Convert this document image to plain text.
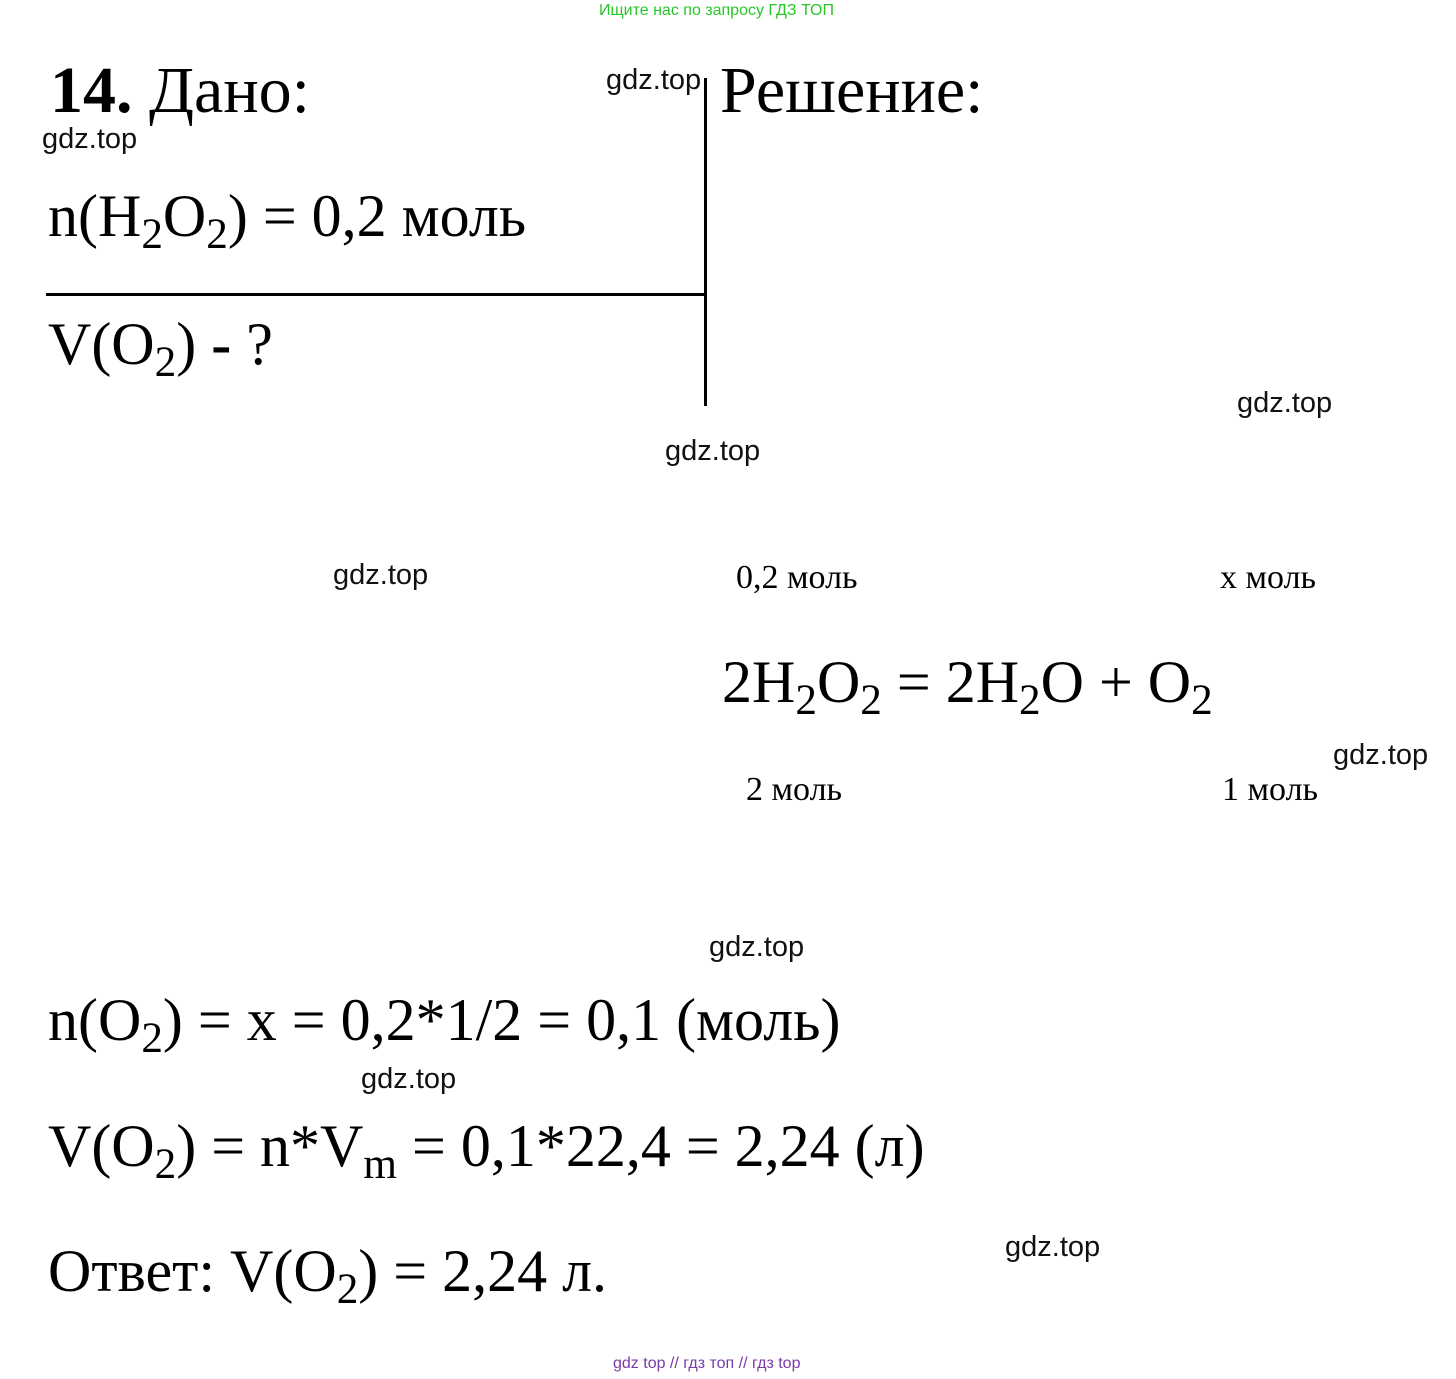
Ищите нас по запросу ГДЗ ТОП
gdz top // гдз топ // гдз top
gdz.top
gdz.top
gdz.top
gdz.top
gdz.top
gdz.top
gdz.top
gdz.top
gdz.top
14. Дано:	Решение:
$n(H_2O_2) = 0,2$ моль
$V(O_2)$ - ?
0,2 моль	x моль
$2H_2O_2 = 2H_2O + O_2$
2 моль	1 моль
$n(O_2) = x = 0,2*1/2 = 0,1$ (моль)
$V(O_2) = n*V_m = 0,1*22,4 = 2,24$ (л)
Ответ: $V(O_2) = 2,24$ л.
